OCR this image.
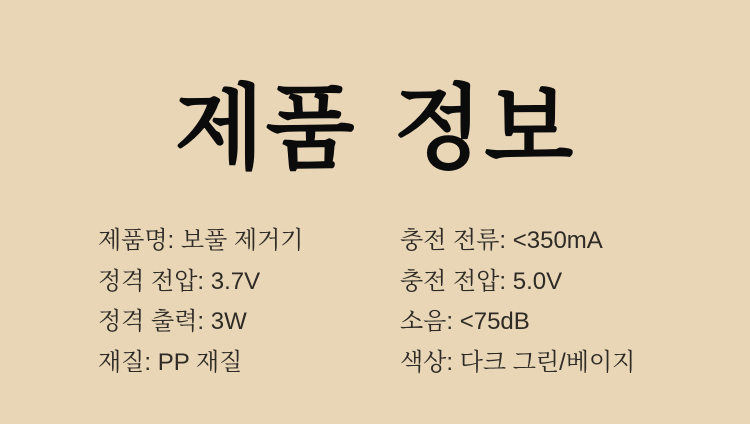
제품 정보
제품명: 보풀 제거기
정격 전압: 3.7V
정격 출력: 3W
재질: PP 재질
충전 전류: <350mA
충전 전압: 5.0V
소음: <75dB
색상: 다크 그린/베이지
